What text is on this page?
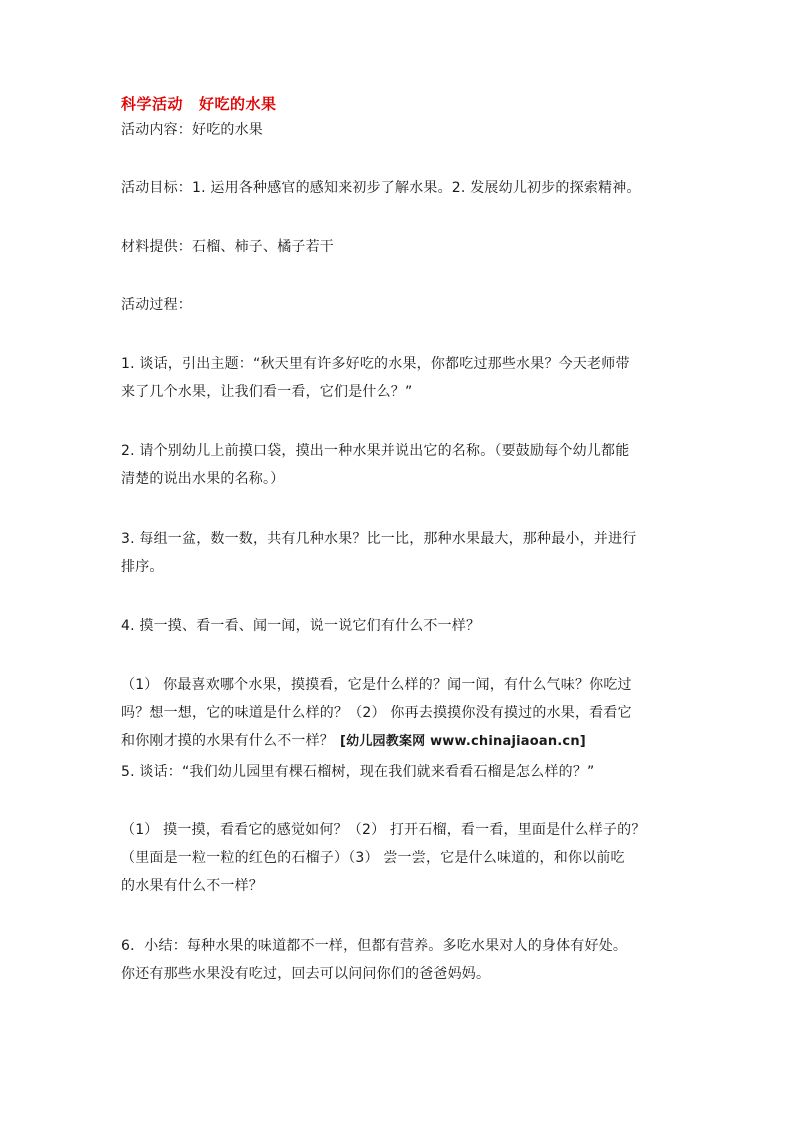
科学活动 好吃的水果
活动内容：好吃的水果
活动目标：1. 运用各种感官的感知来初步了解水果。2. 发展幼儿初步的探索精神。
材料提供：石榴、柿子、橘子若干
活动过程：
1. 谈话，引出主题：“秋天里有许多好吃的水果，你都吃过那些水果？今天老师带
来了几个水果，让我们看一看，它们是什么？”
2. 请个别幼儿上前摸口袋，摸出一种水果并说出它的名称。（要鼓励每个幼儿都能
清楚的说出水果的名称。）
3. 每组一盆，数一数，共有几种水果？比一比，那种水果最大，那种最小，并进行
排序。
4. 摸一摸、看一看、闻一闻，说一说它们有什么不一样？
（1） 你最喜欢哪个水果，摸摸看，它是什么样的？闻一闻，有什么气味？你吃过
吗？想一想，它的味道是什么样的？（2） 你再去摸摸你没有摸过的水果，看看它
和你刚才摸的水果有什么不一样？ [幼儿园教案网 www.chinajiaoan.cn]
5. 谈话：“我们幼儿园里有棵石榴树，现在我们就来看看石榴是怎么样的？”
（1） 摸一摸，看看它的感觉如何？（2） 打开石榴，看一看，里面是什么样子的？
（里面是一粒一粒的红色的石榴子）（3） 尝一尝，它是什么味道的，和你以前吃
的水果有什么不一样？
6．小结：每种水果的味道都不一样，但都有营养。多吃水果对人的身体有好处。
你还有那些水果没有吃过，回去可以问问你们的爸爸妈妈。
